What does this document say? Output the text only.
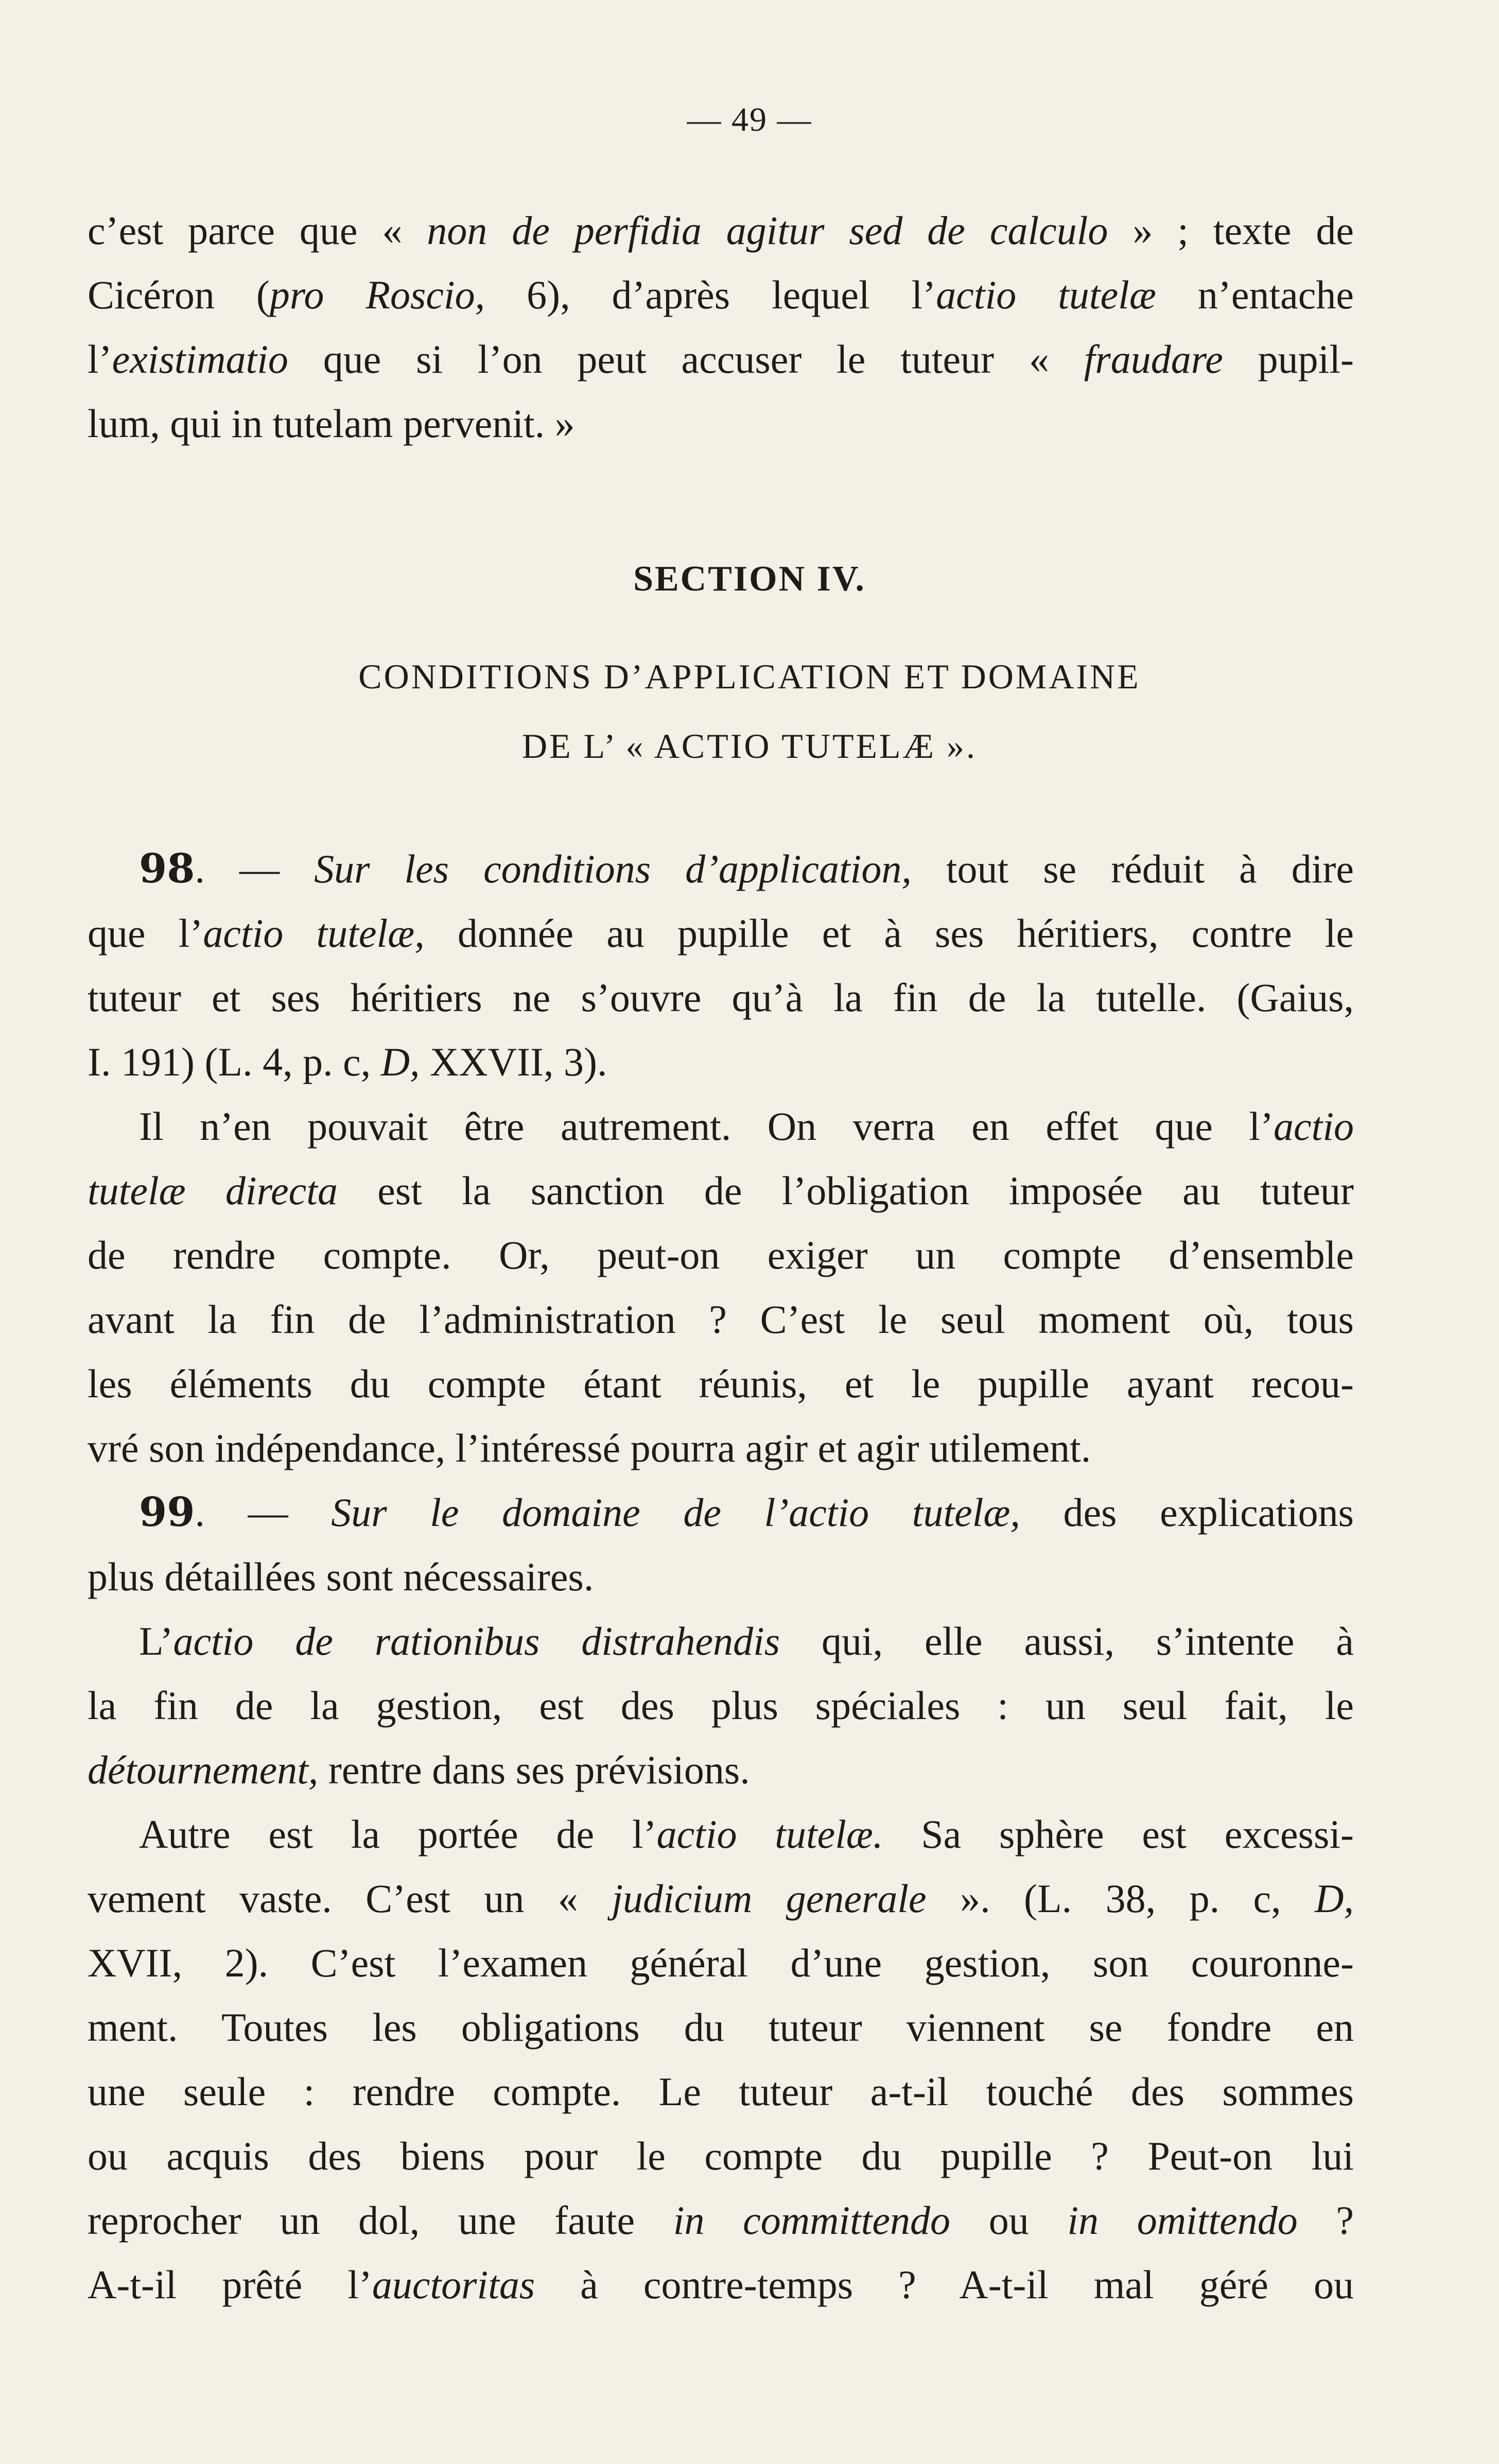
— 49 —
c’est parce que « non de perfidia agitur sed de calculo » ; texte de
Cicéron (pro Roscio, 6), d’après lequel l’actio tutelæ n’entache
l’existimatio que si l’on peut accuser le tuteur « fraudare pupil-
lum, qui in tutelam pervenit. »
SECTION IV.
CONDITIONS D’APPLICATION ET DOMAINE
DE L’ « ACTIO TUTELÆ ».
98. — Sur les conditions d’application, tout se réduit à dire
que l’actio tutelæ, donnée au pupille et à ses héritiers, contre le
tuteur et ses héritiers ne s’ouvre qu’à la fin de la tutelle. (Gaius,
I. 191) (L. 4, p. c, D, XXVII, 3).
Il n’en pouvait être autrement. On verra en effet que l’actio
tutelæ directa est la sanction de l’obligation imposée au tuteur
de rendre compte. Or, peut-on exiger un compte d’ensemble
avant la fin de l’administration ? C’est le seul moment où, tous
les éléments du compte étant réunis, et le pupille ayant recou-
vré son indépendance, l’intéressé pourra agir et agir utilement.
99. — Sur le domaine de l’actio tutelæ, des explications
plus détaillées sont nécessaires.
L’actio de rationibus distrahendis qui, elle aussi, s’intente à
la fin de la gestion, est des plus spéciales : un seul fait, le
détournement, rentre dans ses prévisions.
Autre est la portée de l’actio tutelæ. Sa sphère est excessi-
vement vaste. C’est un « judicium generale ». (L. 38, p. c, D,
XVII, 2). C’est l’examen général d’une gestion, son couronne-
ment. Toutes les obligations du tuteur viennent se fondre en
une seule : rendre compte. Le tuteur a-t-il touché des sommes
ou acquis des biens pour le compte du pupille ? Peut-on lui
reprocher un dol, une faute in committendo ou in omittendo ?
A-t-il prêté l’auctoritas à contre-temps ? A-t-il mal géré ou
